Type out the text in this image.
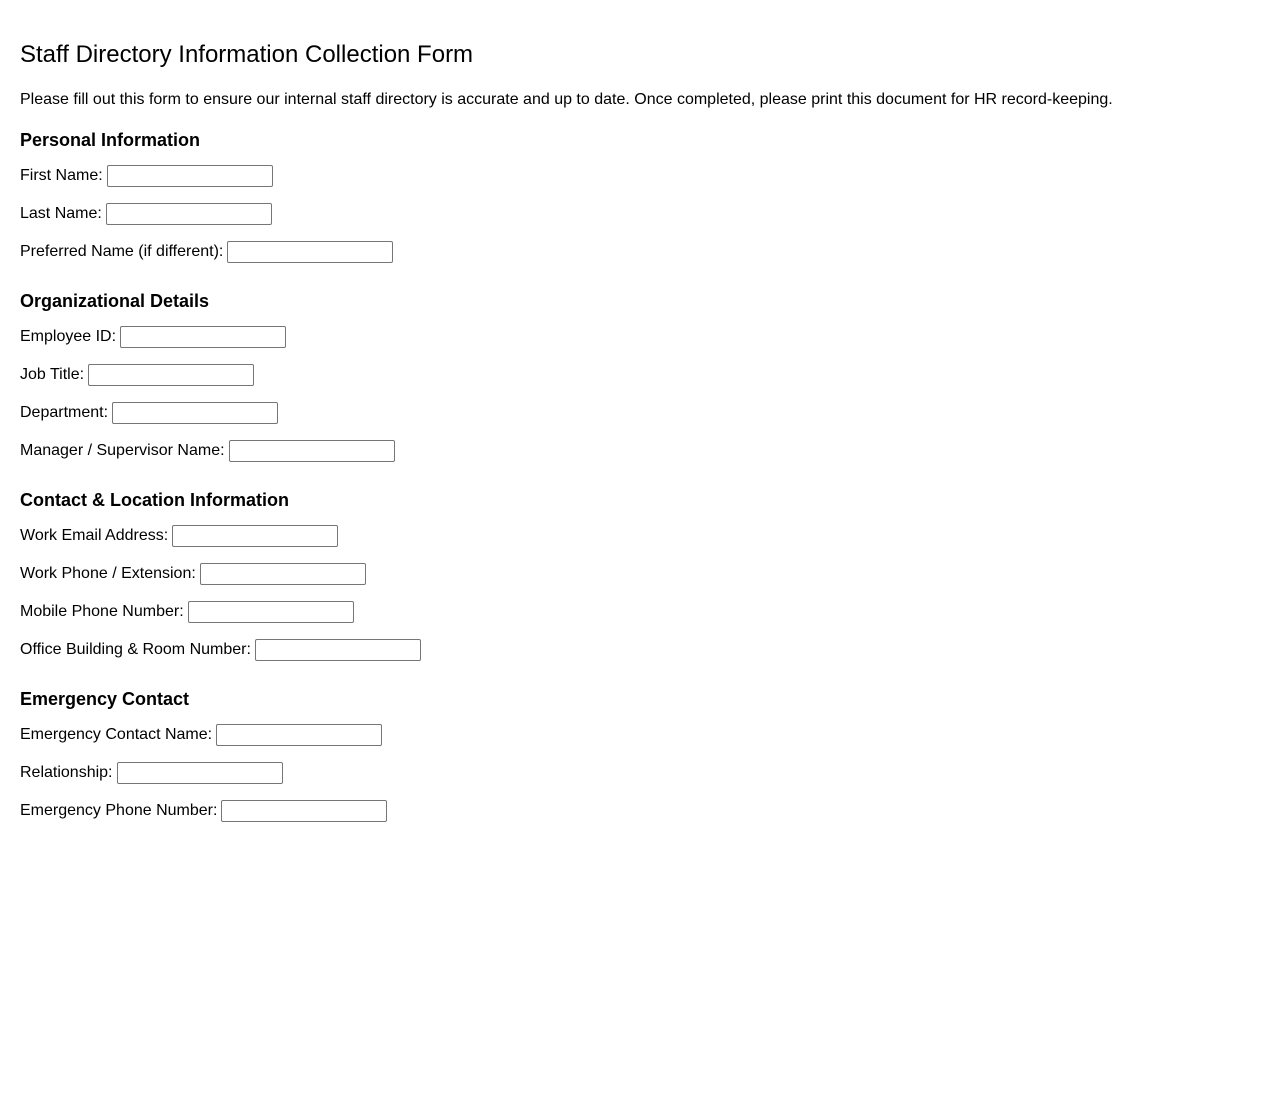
Staff Directory Information Collection Form

Please fill out this form to ensure our internal staff directory is accurate and up to date. Once completed, please print this document for HR record-keeping.

Personal Information
First Name:
Last Name:
Preferred Name (if different):
Organizational Details
Employee ID:
Job Title:
Department:
Manager / Supervisor Name:
Contact & Location Information
Work Email Address:
Work Phone / Extension:
Mobile Phone Number:
Office Building & Room Number:
Emergency Contact
Emergency Contact Name:
Relationship:
Emergency Phone Number:
